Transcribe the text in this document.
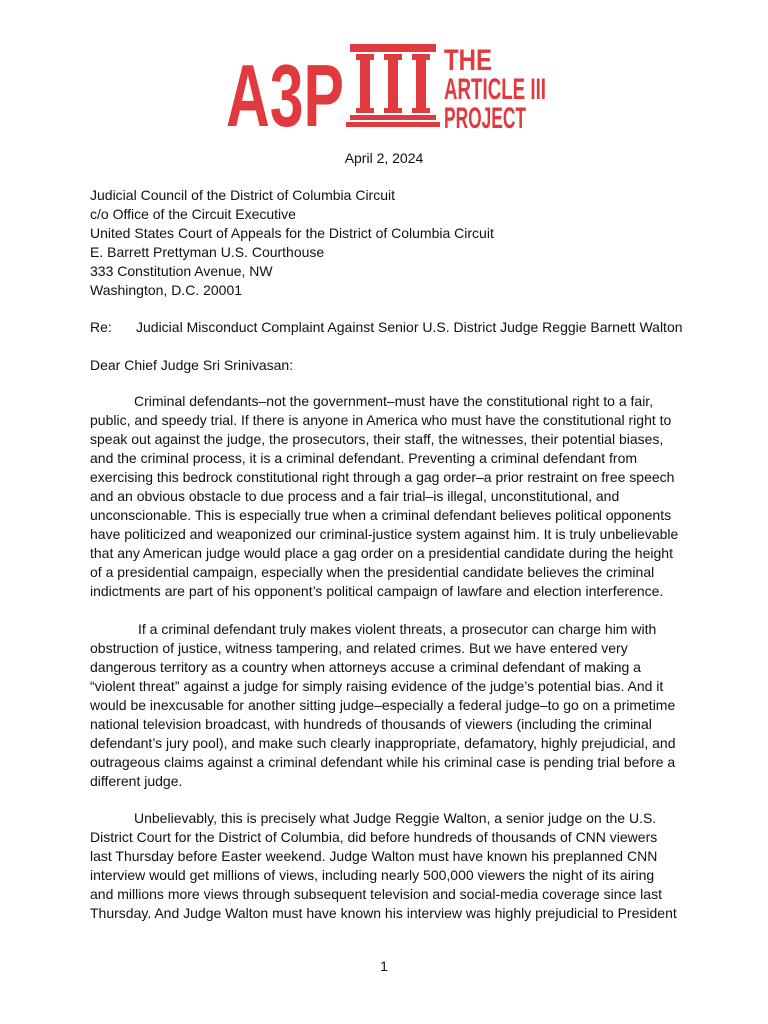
A3P	THE
ARTICLE III
PROJECT
April 2, 2024
Judicial Council of the District of Columbia Circuit
c/o Office of the Circuit Executive
United States Court of Appeals for the District of Columbia Circuit
E. Barrett Prettyman U.S. Courthouse
333 Constitution Avenue, NW
Washington, D.C. 20001
Re: Judicial Misconduct Complaint Against Senior U.S. District Judge Reggie Barnett Walton
Dear Chief Judge Sri Srinivasan:
Criminal defendants–not the government–must have the constitutional right to a fair, public, and speedy trial. If there is anyone in America who must have the constitutional right to speak out against the judge, the prosecutors, their staff, the witnesses, their potential biases, and the criminal process, it is a criminal defendant. Preventing a criminal defendant from exercising this bedrock constitutional right through a gag order–a prior restraint on free speech and an obvious obstacle to due process and a fair trial–is illegal, unconstitutional, and unconscionable. This is especially true when a criminal defendant believes political opponents have politicized and weaponized our criminal-justice system against him. It is truly unbelievable that any American judge would place a gag order on a presidential candidate during the height of a presidential campaign, especially when the presidential candidate believes the criminal indictments are part of his opponent’s political campaign of lawfare and election interference.
If a criminal defendant truly makes violent threats, a prosecutor can charge him with obstruction of justice, witness tampering, and related crimes. But we have entered very dangerous territory as a country when attorneys accuse a criminal defendant of making a “violent threat” against a judge for simply raising evidence of the judge’s potential bias. And it would be inexcusable for another sitting judge–especially a federal judge–to go on a primetime national television broadcast, with hundreds of thousands of viewers (including the criminal defendant’s jury pool), and make such clearly inappropriate, defamatory, highly prejudicial, and outrageous claims against a criminal defendant while his criminal case is pending trial before a different judge.
Unbelievably, this is precisely what Judge Reggie Walton, a senior judge on the U.S. District Court for the District of Columbia, did before hundreds of thousands of CNN viewers last Thursday before Easter weekend. Judge Walton must have known his preplanned CNN interview would get millions of views, including nearly 500,000 viewers the night of its airing and millions more views through subsequent television and social-media coverage since last Thursday. And Judge Walton must have known his interview was highly prejudicial to President
1
